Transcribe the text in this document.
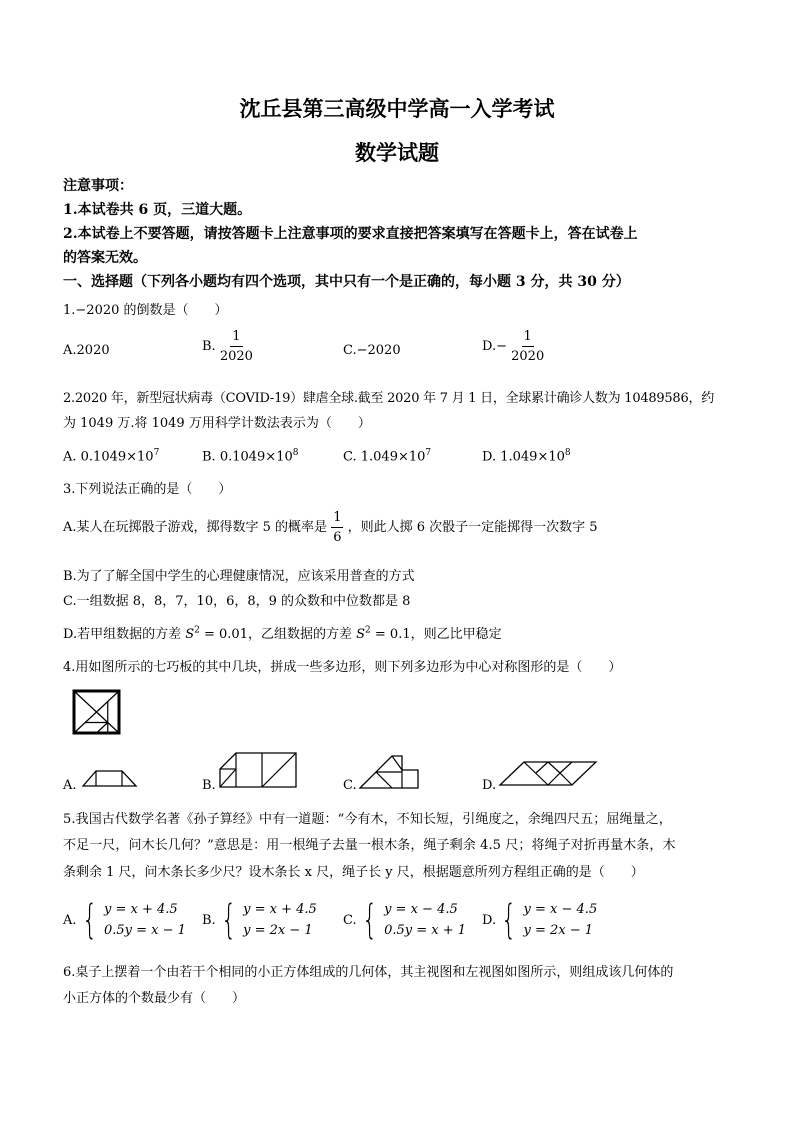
沈丘县第三高级中学高一入学考试
数学试题
注意事项：
1.本试卷共 6 页，三道大题。
2.本试卷上不要答题，请按答题卡上注意事项的要求直接把答案填写在答题卡上，答在试卷上
的答案无效。
一、选择题（下列各小题均有四个选项，其中只有一个是正确的，每小题 3 分，共 30 分）
1.−2020 的倒数是（　　）
A.2020	B. $\frac{1}{2020}$	C.−2020	$D.- \frac{1}{2020}$
2.2020 年，新型冠状病毒（COVID-19）肆虐全球.截至 2020 年 7 月 1 日，全球累计确诊人数为 10489586，约
为 1049 万.将 1049 万用科学计数法表示为（　　）
A. $0.1049\times 10^7$	B. $0.1049\times 10^8$	C. $1.049\times 10^7$	D. $1.049\times 10^8$
3.下列说法正确的是（　　）
A.某人在玩掷骰子游戏，掷得数字 5 的概率是 $\frac{1}{6}$ ，则此人掷 6 次骰子一定能掷得一次数字 5
B.为了了解全国中学生的心理健康情况，应该采用普查的方式
C.一组数据 8，8，7，10，6，8，9 的众数和中位数都是 8
D.若甲组数据的方差 $S^2 = 0.01$，乙组数据的方差 $S^2 = 0.1$，则乙比甲稳定
4.用如图所示的七巧板的其中几块，拼成一些多边形，则下列多边形为中心对称图形的是（　　）
A.	B.	C.	D.
5.我国古代数学名著《孙子算经》中有一道题：“今有木，不知长短，引绳度之，余绳四尺五；屈绳量之，
不足一尺，问木长几何？”意思是：用一根绳子去量一根木条，绳子剩余 4.5 尺；将绳子对折再量木条，木
条剩余 1 尺，问木条长多少尺？设木条长 x 尺，绳子长 y 尺，根据题意所列方程组正确的是（　　）
A. { y = x + 4.5
0.5y = x − 1
B. { y = x + 4.5
y = 2x − 1
C. { y = x − 4.5
0.5y = x + 1
D. { y = x − 4.5
y = 2x − 1
6.桌子上摆着一个由若干个相同的小正方体组成的几何体，其主视图和左视图如图所示，则组成该几何体的
小正方体的个数最少有（　　）
